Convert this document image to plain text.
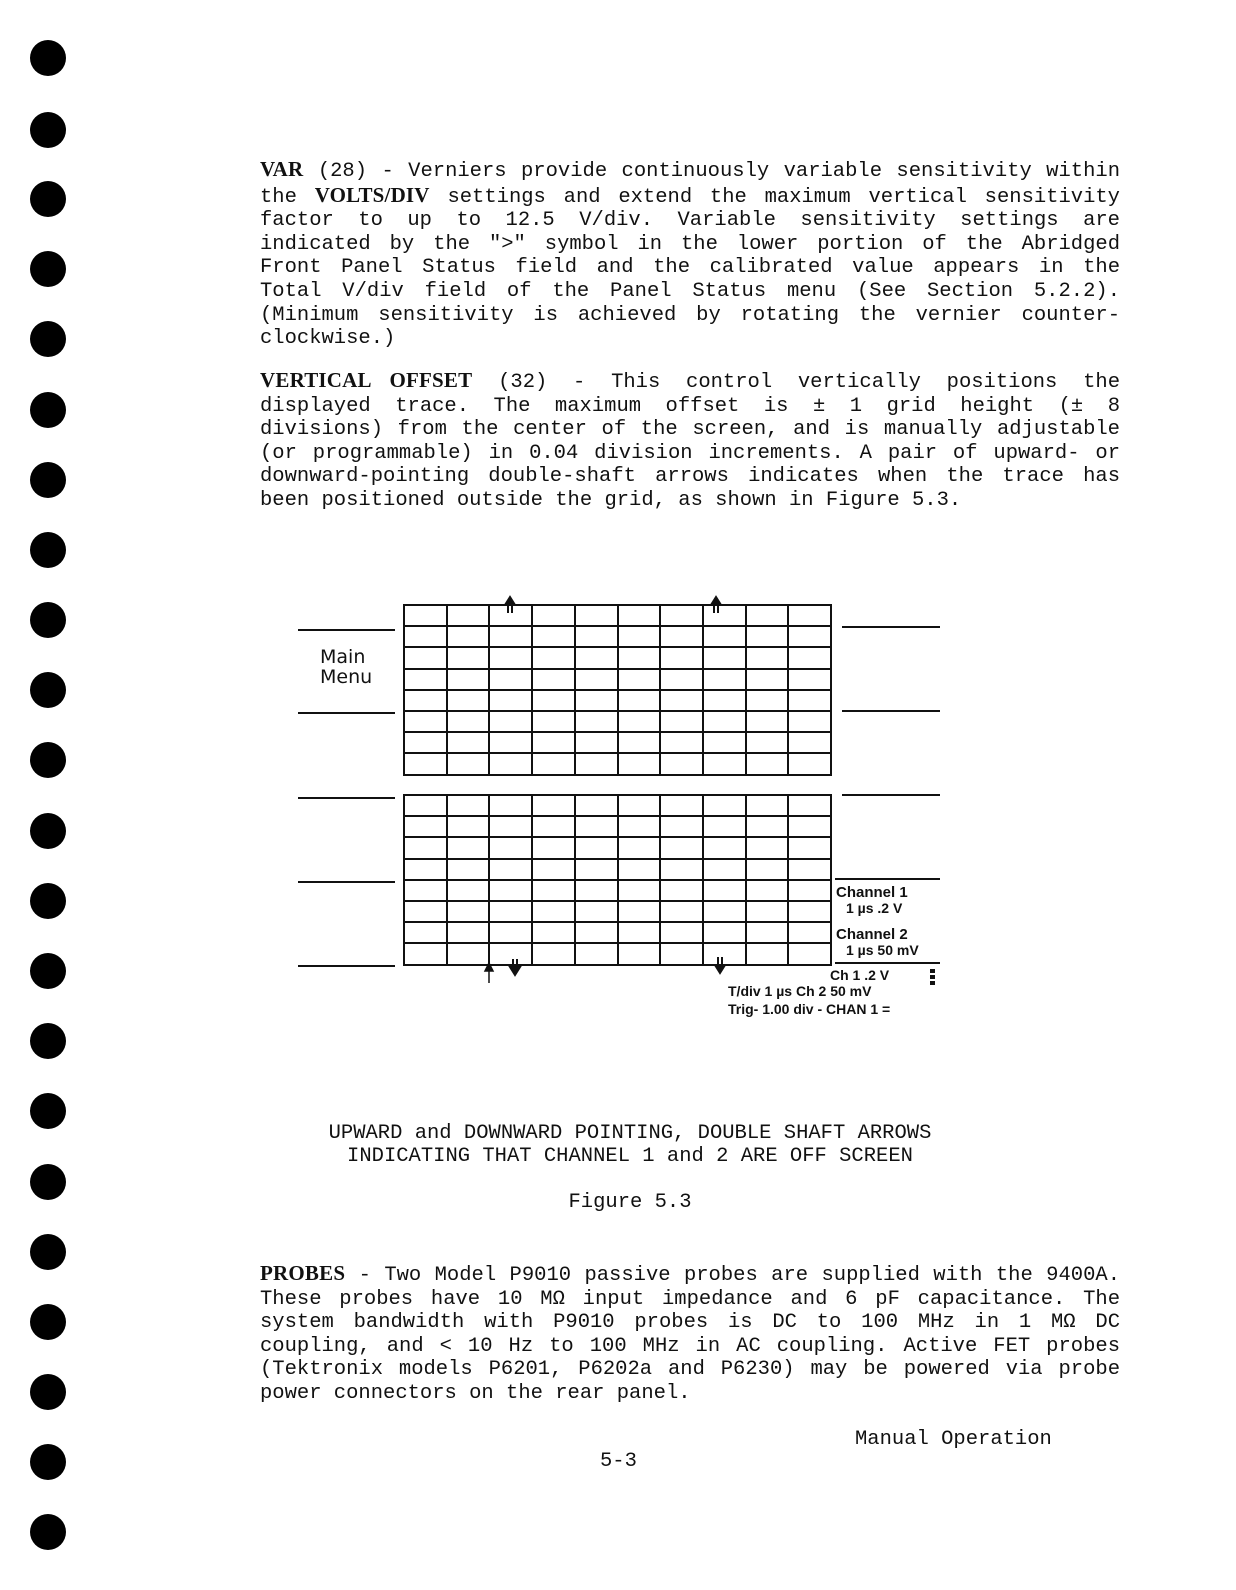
VAR (28) - Verniers provide continuously variable sensitivity within the VOLTS/DIV settings and extend the maximum vertical sensitivity factor to up to 12.5 V/div. Variable sensitivity settings are indicated by the ">" symbol in the lower portion of the Abridged Front Panel Status field and the calibrated value appears in the Total V/div field of the Panel Status menu (See Section 5.2.2). (Minimum sensitivity is achieved by rotating the vernier counter-clockwise.)

VERTICAL OFFSET (32) - This control vertically positions the displayed trace. The maximum offset is ± 1 grid height (± 8 divisions) from the center of the screen, and is manually adjustable (or programmable) in 0.04 division increments. A pair of upward- or downward-pointing double-shaft arrows indicates when the trace has been positioned outside the grid, as shown in Figure 5.3.

Main
Menu
Channel 1
1 µs .2 V
Channel 2
1 µs 50 mV
Ch 1 .2 V
T/div 1 µs Ch 2 50 mV
Trig- 1.00 div - CHAN 1 =

UPWARD and DOWNWARD POINTING, DOUBLE SHAFT ARROWS

INDICATING THAT CHANNEL 1 and 2 ARE OFF SCREEN

Figure 5.3

PROBES - Two Model P9010 passive probes are supplied with the 9400A. These probes have 10 MΩ input impedance and 6 pF capacitance. The system bandwidth with P9010 probes is DC to 100 MHz in 1 MΩ DC coupling, and < 10 Hz to 100 MHz in AC coupling. Active FET probes (Tektronix models P6201, P6202a and P6230) may be powered via probe power connectors on the rear panel.

Manual Operation
5-3
